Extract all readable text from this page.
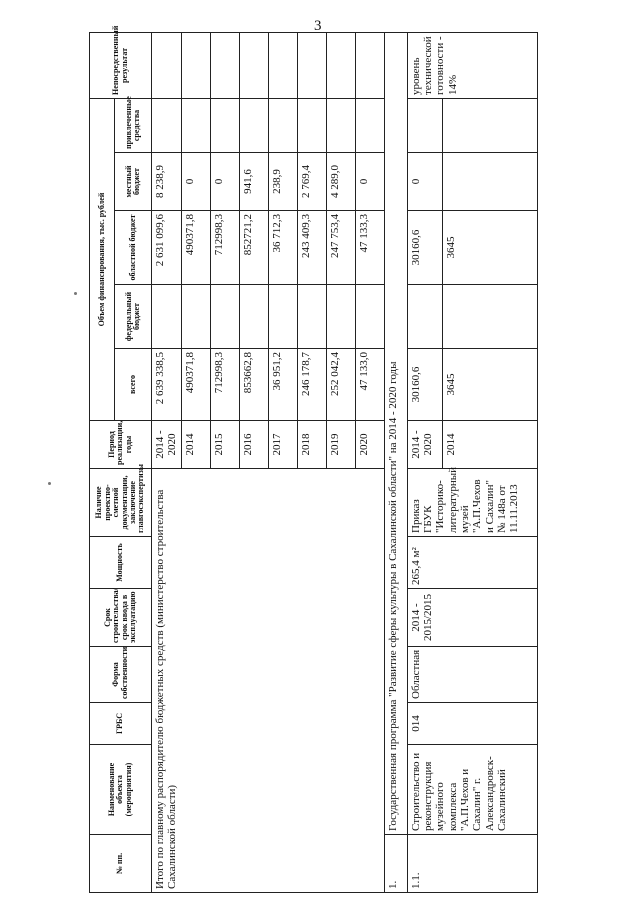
3
№ пп.	Наименование объекта (мероприятия)	ГРБС	Форма собственности	Срок строительства/срок ввода в эксплуатацию	Мощность	Наличие проектно-сметной документации, заключение главгосэкспертизы	Период реализации, годы	Объем финансирования, тыс. рублей					Непосредственный результат
								всего	федеральный бюджет	областной бюджет	местный бюджет	привлеченные средства	

Итого по главному распорядителю бюджетных средств (министерство строительства Сахалинской области)							2014 - 2020	2 639 338,5		2 631 099,6	8 238,9		
							2014	490371,8		490371,8	0		
							2015	712998,3		712998,3	0		
							2016	853662,8		852721,2	941,6		
							2017	36 951,2		36 712,3	238,9		
							2018	246 178,7		243 409,3	2 769,4		
							2019	252 042,4		247 753,4	4 289,0		
							2020	47 133,0		47 133,3	0		
1.	Государственная программа "Развитие сферы культуры в Сахалинской области" на 2014 - 2020 годы												
1.1.	Строительство и реконструкция музейного комплекса "А.П.Чехов и Сахалин" г. Александровск-Сахалинский	014	Областная	2014 - 2015/2015	265,4 м²	Приказ ГБУК "Историко-литературный музей "А.П.Чехов и Сахалин" № 148а от 11.11.2013	2014 - 2020	30160,6		30160,6	0		уровень технической готовности - 14%
							2014	3645		3645			
